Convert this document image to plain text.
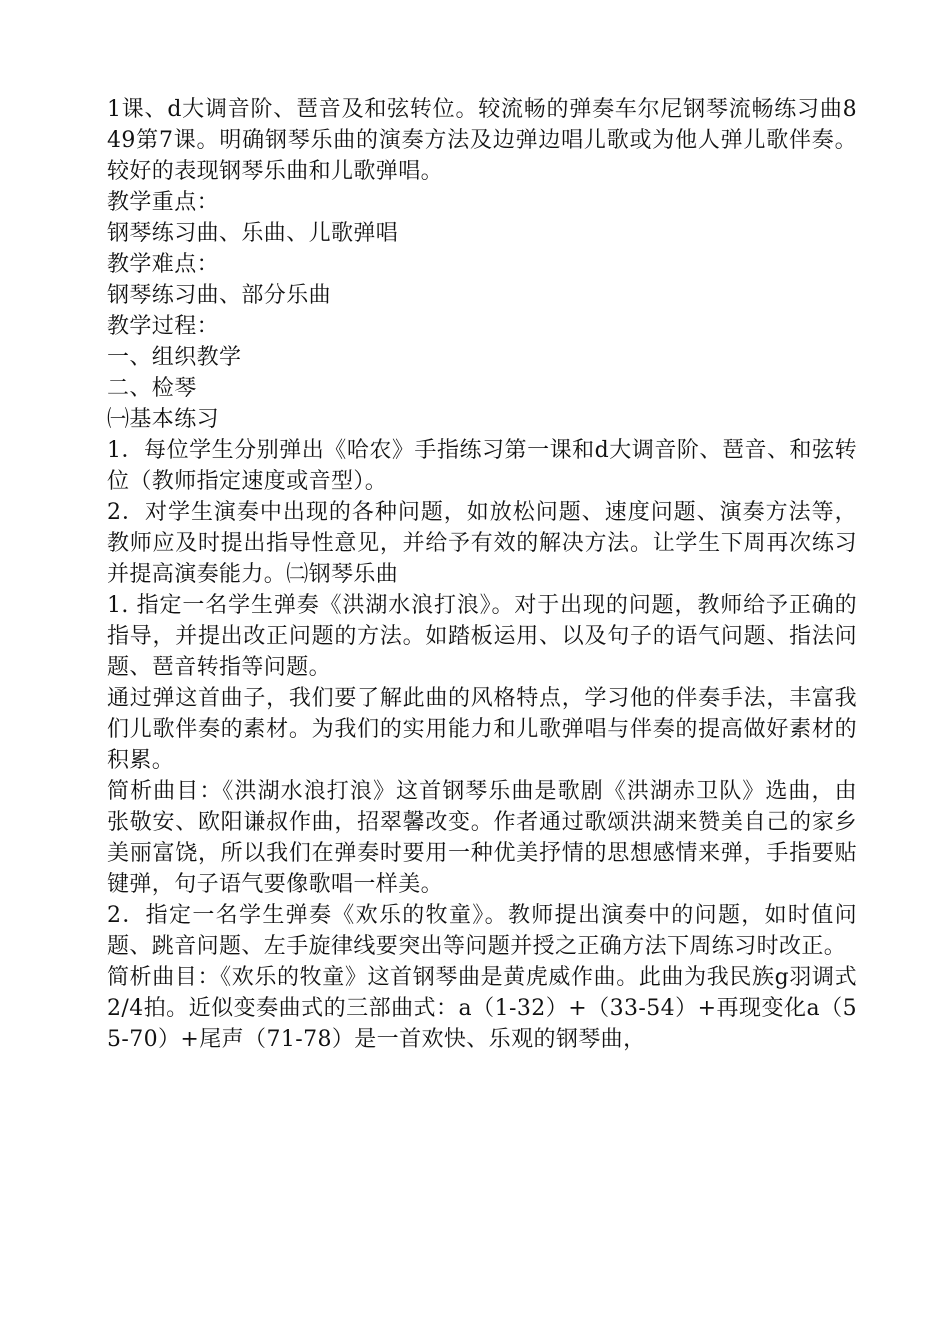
1课、d大调音阶、琶音及和弦转位。较流畅的弹奏车尔尼钢琴流畅练习曲849第7课。明确钢琴乐曲的演奏方法及边弹边唱儿歌或为他人弹儿歌伴奏。较好的表现钢琴乐曲和儿歌弹唱。

教学重点：

钢琴练习曲、乐曲、儿歌弹唱

教学难点：

钢琴练习曲、部分乐曲

教学过程：

一、组织教学

二、检琴

㈠基本练习

1．每位学生分别弹出《哈农》手指练习第一课和d大调音阶、琶音、和弦转位（教师指定速度或音型）。

2．对学生演奏中出现的各种问题，如放松问题、速度问题、演奏方法等，教师应及时提出指导性意见，并给予有效的解决方法。让学生下周再次练习并提高演奏能力。㈡钢琴乐曲

1. 指定一名学生弹奏《洪湖水浪打浪》。对于出现的问题，教师给予正确的指导，并提出改正问题的方法。如踏板运用、以及句子的语气问题、指法问题、琶音转指等问题。

通过弹这首曲子，我们要了解此曲的风格特点，学习他的伴奏手法，丰富我们儿歌伴奏的素材。为我们的实用能力和儿歌弹唱与伴奏的提高做好素材的积累。

简析曲目：《洪湖水浪打浪》这首钢琴乐曲是歌剧《洪湖赤卫队》选曲，由张敬安、欧阳谦叔作曲，招翠馨改变。作者通过歌颂洪湖来赞美自己的家乡美丽富饶，所以我们在弹奏时要用一种优美抒情的思想感情来弹，手指要贴键弹，句子语气要像歌唱一样美。

2．指定一名学生弹奏《欢乐的牧童》。教师提出演奏中的问题，如时值问题、跳音问题、左手旋律线要突出等问题并授之正确方法下周练习时改正。

简析曲目：《欢乐的牧童》这首钢琴曲是黄虎威作曲。此曲为我民族g羽调式2/4拍。近似变奏曲式的三部曲式：a（1-32）+（33-54）+再现变化a（55-70）+尾声（71-78）是一首欢快、乐观的钢琴曲，
